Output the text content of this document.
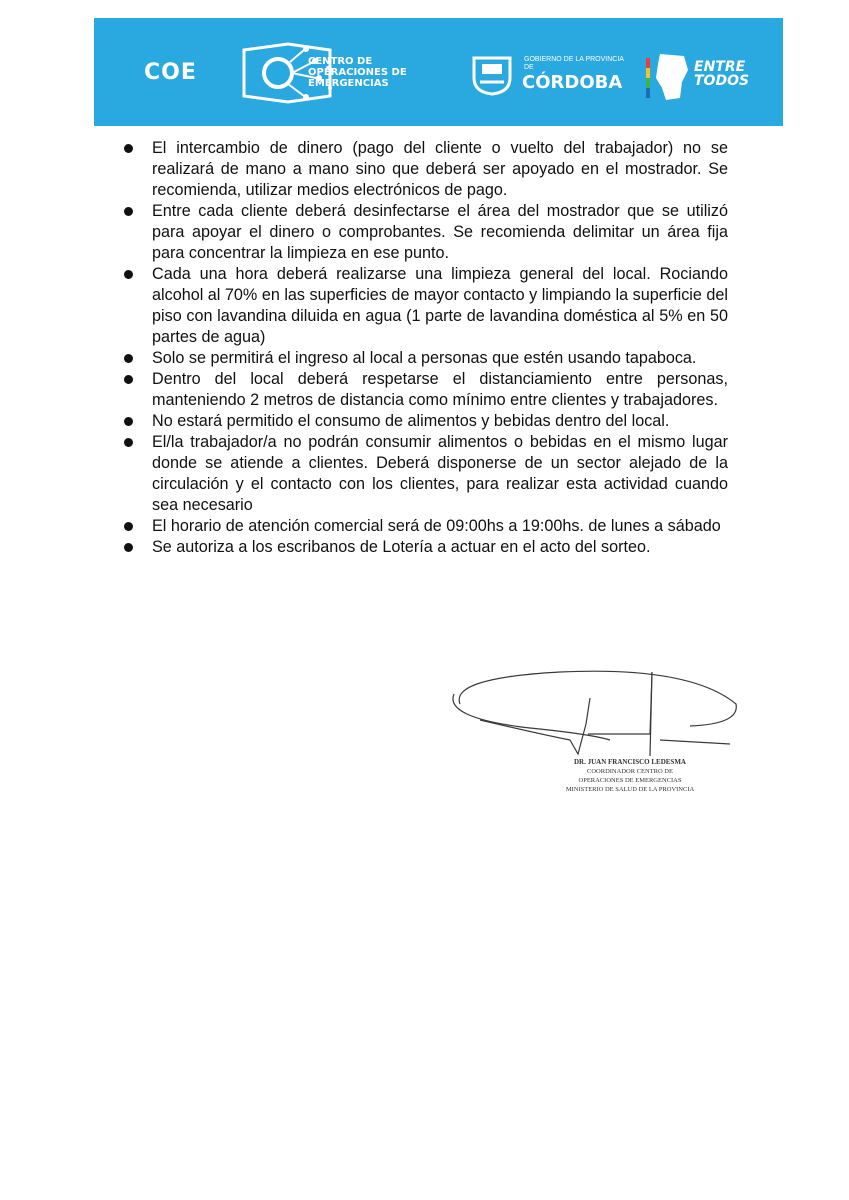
COE	CENTRO DE OPERACIONES DE EMERGENCIAS
GOBIERNO DE LA PROVINCIA DE
CÓRDOBA
ENTRE
TODOS
El intercambio de dinero (pago del cliente o vuelto del trabajador) no se realizará de mano a mano sino que deberá ser apoyado en el mostrador. Se recomienda, utilizar medios electrónicos de pago.
Entre cada cliente deberá desinfectarse el área del mostrador que se utilizó para apoyar el dinero o comprobantes. Se recomienda delimitar un área fija para concentrar la limpieza en ese punto.
Cada una hora deberá realizarse una limpieza general del local. Rociando alcohol al 70% en las superficies de mayor contacto y limpiando la superficie del piso con lavandina diluida en agua (1 parte de lavandina doméstica al 5% en 50 partes de agua)
Solo se permitirá el ingreso al local a personas que estén usando tapaboca.
Dentro del local deberá respetarse el distanciamiento entre personas, manteniendo 2 metros de distancia como mínimo entre clientes y trabajadores.
No estará permitido el consumo de alimentos y bebidas dentro del local.
El/la trabajador/a no podrán consumir alimentos o bebidas en el mismo lugar donde se atiende a clientes. Deberá disponerse de un sector alejado de la circulación y el contacto con los clientes, para realizar esta actividad cuando sea necesario
El horario de atención comercial será de 09:00hs a 19:00hs. de lunes a sábado
Se autoriza a los escribanos de Lotería a actuar en el acto del sorteo.
DR. JUAN FRANCISCO LEDESMA
COORDINADOR CENTRO DE
OPERACIONES DE EMERGENCIAS
MINISTERIO DE SALUD DE LA PROVINCIA
